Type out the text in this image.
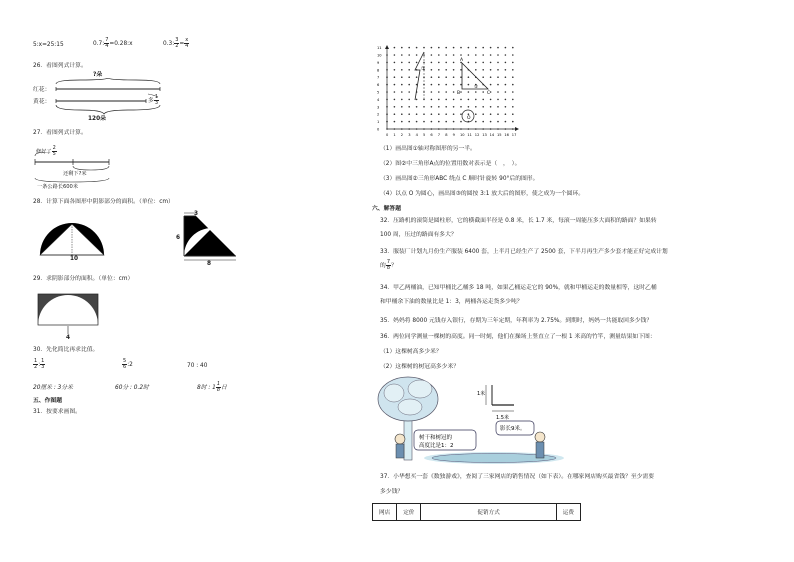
5:x=25:15	0.7: $\frac{7}{4}$ =0.28:x	0.3: $\frac{3}{2} = \frac{x}{4}$
26．看图列式计算。
?朵
红花：
黄花：	多 $\frac{1}{3}$
120朵
27．看图列式计算。
修好了 $\frac{2}{5}$
还剩下?米
一条公路长600米
28．计算下面各图形中阴影部分的面积。（单位：cm）
10
3
6
8
29．求阴影部分的面积。（单位：cm）
4
30．先化简比再求比值。
$\frac{1}{2}$ : $\frac{1}{3}$	$\frac{5}{6}$ :2	70 : 40
20厘米 : 3分米	60分 : 0.2时	8时 : $1 \frac{1}{8}$ 日
五、作图题
31．按要求画图。
11
10
9
8
7
6
5
4
3
2
1
0
0 1 2 3 4 5 6 7 8 9 10 11 12 13 14 15 16 17
①
A
B	C
②
O
（1）画出图①轴对称图形的另一半。
（2）图②中三角形A点的位置用数对表示是（　，　）。
（3）画出图②三角形ABC 绕点 C 顺时针旋转 90°后的图形。
（4）以点 O 为圆心，画出图③的圆按 3:1 放大后的图形，使之成为一个圆环。
六、解答题
32．压路机的滚筒是圆柱形，它的横截面半径是 0.8 米，长 1.7 米，每滚一周能压多大面积的路面？如果转
100 周，压过的路面有多大？
33．服装厂计划九月份生产服装 6400 套，上半月已经生产了 2500 套，下半月再生产多少套才能正好完成计划
的 $\frac{7}{8}$ ？
34．甲乙两桶油，已知甲桶比乙桶多 18 吨，如果乙桶运走它的 90%，就和甲桶运走的数量相等，这时乙桶
和甲桶余下油的数量比是 1：3，两桶各运走货多少吨？
35．妈妈将 8000 元钱存入银行，存期为三年定期，年利率为 2.75%。到期时，妈妈一共能取回多少钱？
36．两位同学测量一棵树的高度。同一时刻，他们在操场上竖直立了一根 1 米高的竹竿，测量结果如下图：
（1）这棵树高多少米？
（2）这棵树的树冠高多少米？
1米
1.5米
影长9米。
树干和树冠的
高度比是1：2
37．小华想买一套《数独游戏》，查阅了三家网店的销售情况（如下表）。在哪家网店购买最省钱？至少需要
多少钱？
网店	定价	促销方式	运费
